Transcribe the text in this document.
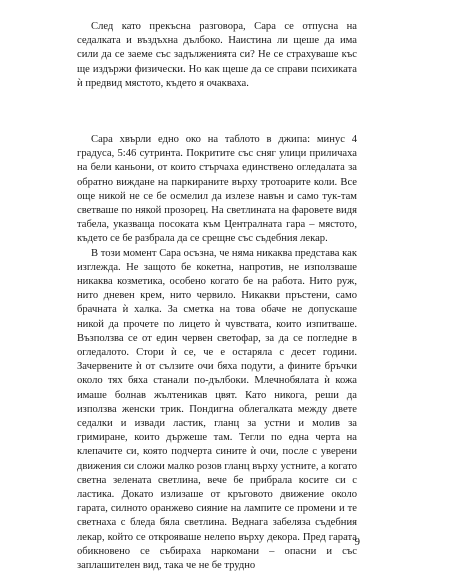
След като прекъсна разговора, Сара се отпусна на седалката и въздъхна дълбоко. Наистина ли щеше да има сили да се заеме със задълженията си? Не се страхуваше къс ще издържи физически. Но как щеше да се справи психиката ѝ предвид мястото, където я очакваха.

Сара хвърли едно око на таблото в джипа: минус 4 градуса, 5:46 сутринта. Покритите със сняг улици приличаха на бели каньони, от които стърчаха единствено огледалата за обратно виждане на паркираните върху тротоарите коли. Все още никой не се бе осмелил да излезе навън и само тук-там светваше по някой прозорец. На светлината на фаровете видя табела, указваща посоката към Централната гара – мястото, където се бе разбрала да се срещне със съдебния лекар.

В този момент Сара осъзна, че няма никаква представа как изглежда. Не защото бе кокетна, напротив, не използваше никаква козметика, особено когато бе на работа. Нито руж, нито дневен крем, нито червило. Никакви пръстени, само брачната ѝ халка. За сметка на това обаче не допускаше никой да прочете по лицето ѝ чувствата, които изпитваше. Възползва се от един червен светофар, за да се погледне в огледалото. Стори ѝ се, че е остаряла с десет години. Зачервените ѝ от сълзите очи бяха подути, а фините бръчки около тях бяха станали по-дълбоки. Млечнобялата ѝ кожа имаше болнав жълтеникав цвят. Като никога, реши да използва женски трик. Пондигна облегалката между двете седалки и извади ластик, гланц за устни и молив за гримиране, които държеше там. Тегли по една черта на клепачите си, която подчерта сините ѝ очи, после с уверени движения си сложи малко розов гланц върху устните, а когато светна зелената светлина, вече бе прибрала косите си с ластика. Докато излизаше от кръговото движение около гарата, силното оранжево сияние на лампите се промени и те светнаха с бледа бяла светлина. Веднага забеляза съдебния лекар, който се открояваше нелепо върху декора. Пред гарата обикновено се събираха наркомани – опасни и със заплашителен вид, така че не бе трудно

9
